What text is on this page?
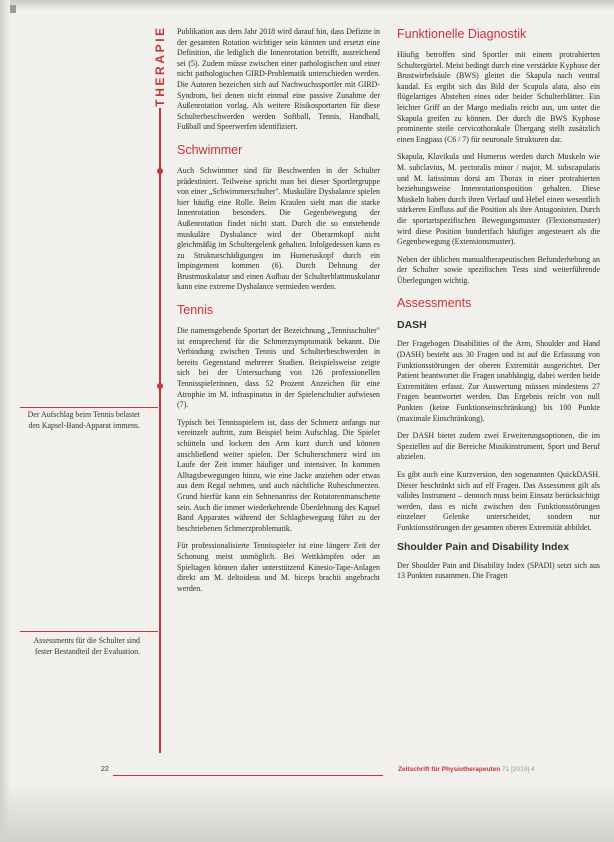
THERAPIE
Der Aufschlag beim Tennis belastet den Kapsel-Band-Apparat immens.
Assessments für die Schulter sind fester Bestandteil der Evaluation.

Publikation aus dem Jahr 2018 wird darauf hin, dass Defizite in der gesamten Rotation wichtiger sein könnten und ersetzt eine Definition, die lediglich die Innenrotation betrifft, ausreichend sei (5). Zudem müsse zwischen einer pathologischen und einer nicht pathologischen GIRD-Problematik unterschieden werden. Die Autoren bezeichen sich auf Nachwuchssportler mit GIRD-Syndrom, bei denen nicht einmal eine passive Zunahme der Außenrotation vorlag. Als weitere Risikosportarten für diese Schulterbeschwerden werden Softball, Tennis, Handball, Fußball und Speerwerfen identifiziert.

Schwimmer

Auch Schwimmer sind für Beschwerden in der Schulter prädestiniert. Teilweise spricht man bei dieser Sportlergruppe von einer „Schwimmerschulter". Muskuläre Dysbalance spielen hier häufig eine Rolle. Beim Kraulen sieht man die starke Innenrotation besonders. Die Gegenbewegung der Außenrotation findet nicht statt. Durch die so entstehende muskuläre Dysbalance wird der Oberarmkopf nicht gleichmäßig im Schultergelenk gehalten. Infolgedessen kann es zu Strukturschädigungen im Humeruskopf durch ein Impingement kommen (6). Durch Dehnung der Brustmuskulatur und einen Aufbau der Schulterblattmuskulatur kann eine extreme Dysbalance vermieden werden.

Tennis

Die namensgebende Sportart der Bezeichnung „Tennisschulter" ist entsprechend für die Schmerzsymptomatik bekannt. Die Verbindung zwischen Tennis und Schulterbeschwerden in bereits Gegenstand mehrerer Studien. Beispielsweise zeigte sich bei der Untersuchung von 126 professionellen Tennisspielerinnen, dass 52 Prozent Anzeichen für eine Atrophie im M. infraspinatus in der Spielerschulter aufwiesen (7).

Typisch bei Tennisspielern ist, dass der Schmerz anfangs nur vereinzelt auftritt, zum Beispiel beim Aufschlag. Die Spieler schütteln und lockern den Arm kurz durch und können anschließend weiter spielen. Der Schulterschmerz wird im Laufe der Zeit immer häufiger und intensiver. In kommen Alltagsbewegungen hinzu, wie eine Jacke anziehen oder etwas aus dem Regal nehmen, und auch nächtliche Ruheschmerzen. Grund hierfür kann ein Sehnenanriss der Rotatorenmanschette sein. Auch die immer wiederkehrende Überdehnung des Kapsel Band Apparates während der Schlagbewegung führt zu der beschriebenen Schmerzproblematik.

Für professionalisierte Tennisspieler ist eine längere Zeit der Schonung meist unmöglich. Bei Wettkämpfen oder an Spieltagen können daher unterstützend Kinesio-Tape-Anlagen direkt am M. deltoideus und M. biceps brachii angebracht werden.

Funktionelle Diagnostik

Häufig betroffen sind Sportler mit einem protrahierten Schultergürtel. Meist bedingt durch eine verstärkte Kyphose der Brustwirbelsäule (BWS) gleitet die Skapula nach ventral kaudal. Es ergibt sich das Bild der Scapula alata, also ein flügelartiges Abstehen eines oder beider Schulterblätter. Ein leichter Griff an der Margo medialis reicht aus, um unter die Skapula greifen zu können. Der durch die BWS Kyphose prominente steile cervicothorakale Übergang stellt zusätzlich einen Engpass (C6 / 7) für neuronale Strukturen dar.

Skapula, Klavikula und Humerus werden durch Muskeln wie M. subclavius, M. pectoralis minor / major, M. subscapularis und M. latissimus dorsi am Thorax in einer protrahierten beziehungsweise Innenrotationsposition gehalten. Diese Muskeln haben durch ihren Verlauf und Hebel einen wesentlich stärkeren Einfluss auf die Position als ihre Antagonisten. Durch die sportartspezifischen Bewegungsmuster (Flexionsmuster) wird diese Position bundertfach häufiger angesteuert als die Gegenbewegung (Extensionsmuster).

Neben der üblichen manualtherapeutischen Befunderhebung an der Schulter sowie spezifischen Tests sind weiterführende Überlegungen wichtig.

Assessments
DASH

Der Fragebogen Disabilities of the Arm, Shoulder and Hand (DASH) besteht aus 30 Fragen und ist auf die Erfassung von Funktionsstörungen der oberen Extremität ausgerichtet. Der Patient beantwortet die Fragen unabhängig, dabei werden beide Extremitäten erfasst. Zur Auswertung müssen mindestens 27 Fragen beantwortet werden. Das Ergebnis reicht von null Punkten (keine Funktionseinschränkung) bis 100 Punkte (maximale Einschränkung).

Der DASH bietet zudem zwei Erweiterungsoptionen, die im Speziellen auf die Bereiche Musikinstrument, Sport und Beruf abzielen.

Es gibt auch eine Kurzversion, den sogenannten QuickDASH. Dieser beschränkt sich auf elf Fragen. Das Assessment gilt als valides Instrument – dennoch muss beim Einsatz berücksichtigt werden, dass es nicht zwischen den Funktionsstörungen einzelner Gelenke unterscheidet, sondern nur Funktionsstörungen der gesamten oberen Extremität abbildet.

Shoulder Pain and Disability Index

Der Shoulder Pain and Disability Index (SPADI) setzt sich aus 13 Punkten zusammen. Die Fragen

22	Zeitschrift für Physiotherapeuten 71 [2019] 4
